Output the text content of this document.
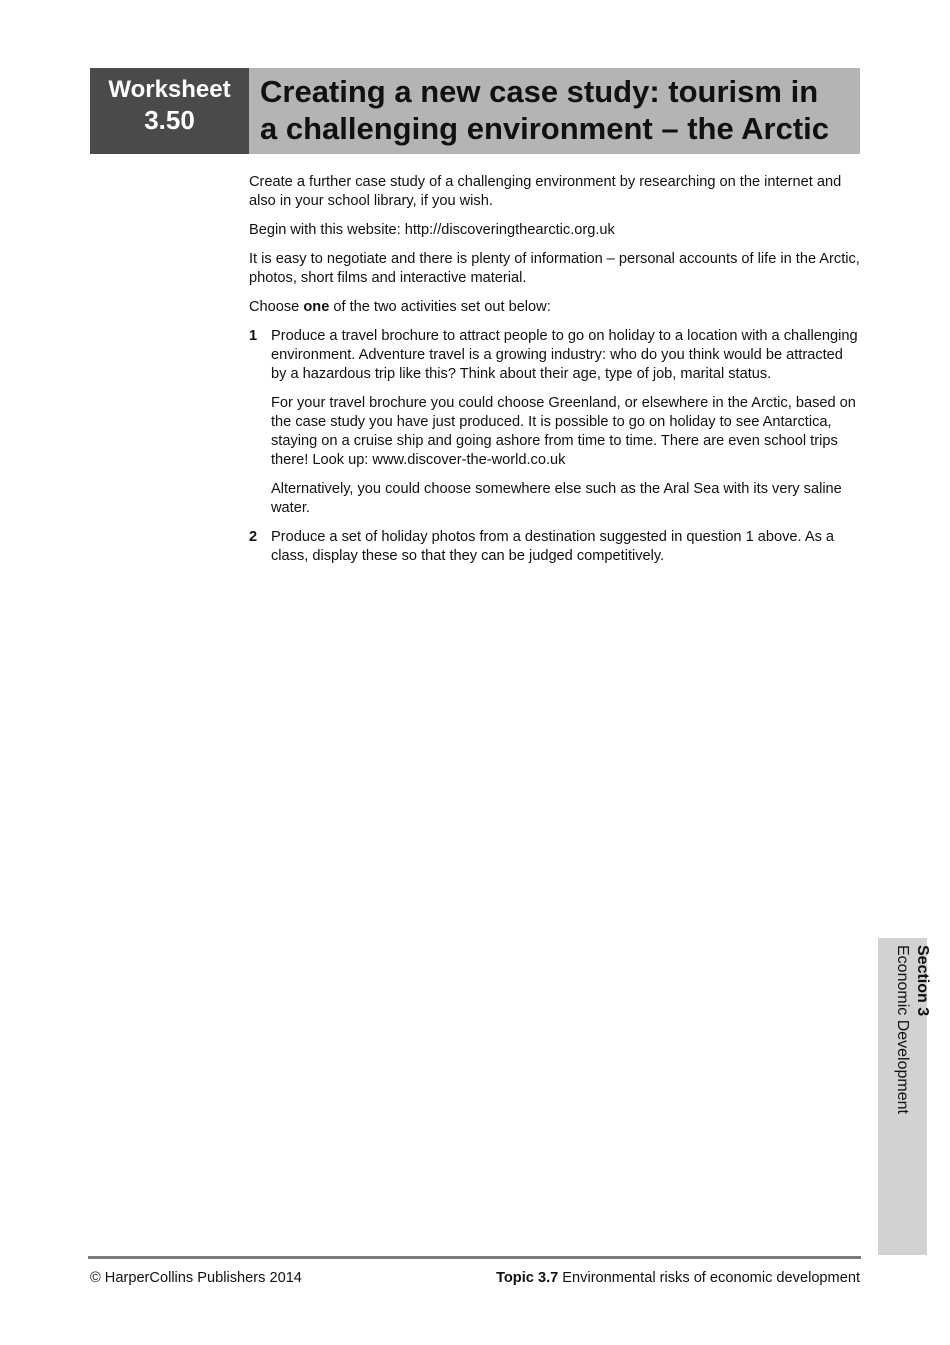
Worksheet
3.50
Creating a new case study: tourism in
a challenging environment – the Arctic

Create a further case study of a challenging environment by researching on the internet and also in your school library, if you wish.

Begin with this website: http://discoveringthearctic.org.uk

It is easy to negotiate and there is plenty of information – personal accounts of life in the Arctic, photos, short films and interactive material.

Choose one of the two activities set out below:

1 Produce a travel brochure to attract people to go on holiday to a location with a challenging environment. Adventure travel is a growing industry: who do you think would be attracted by a hazardous trip like this? Think about their age, type of job, marital status.

For your travel brochure you could choose Greenland, or elsewhere in the Arctic, based on the case study you have just produced. It is possible to go on holiday to see Antarctica, staying on a cruise ship and going ashore from time to time. There are even school trips there! Look up: www.discover-the-world.co.uk

Alternatively, you could choose somewhere else such as the Aral Sea with its very saline water.

2 Produce a set of holiday photos from a destination suggested in question 1 above. As a class, display these so that they can be judged competitively.

Section 3
Economic Development
© HarperCollins Publishers 2014	Topic 3.7 Environmental risks of economic development
